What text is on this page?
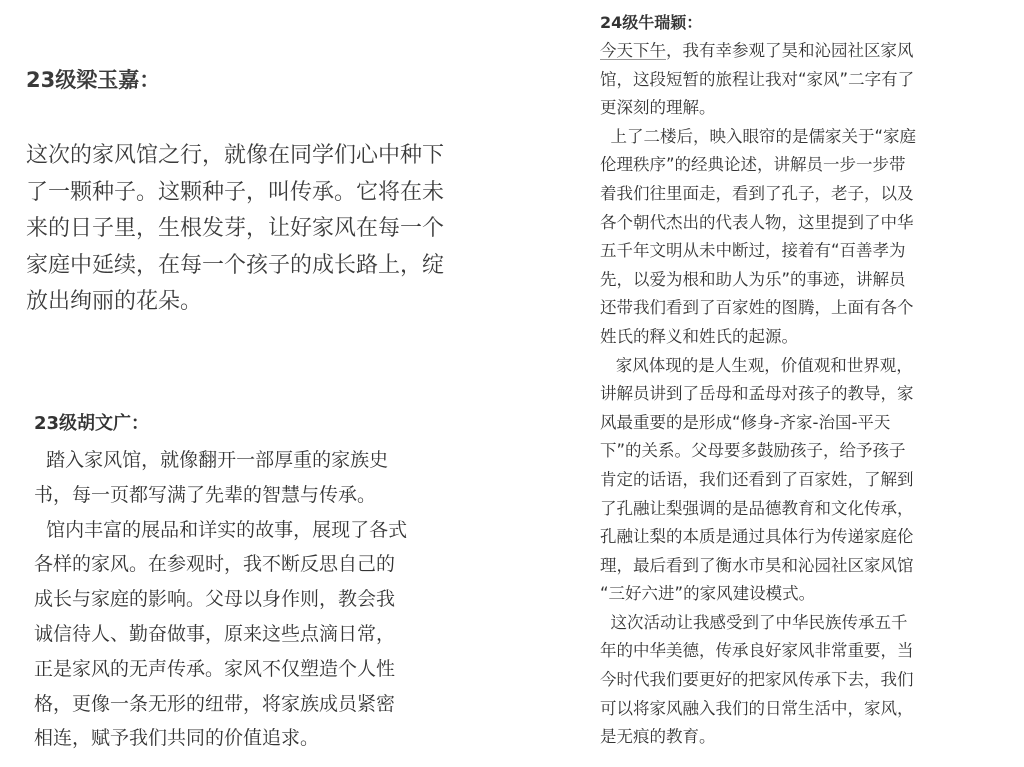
23级梁玉嘉：

这次的家风馆之行，就像在同学们心中种下
了一颗种子。这颗种子，叫传承。它将在未
来的日子里，生根发芽，让好家风在每一个
家庭中延续，在每一个孩子的成长路上，绽
放出绚丽的花朵。

23级胡文广：

踏入家风馆，就像翻开一部厚重的家族史
书，每一页都写满了先辈的智慧与传承。
馆内丰富的展品和详实的故事，展现了各式
各样的家风。在参观时，我不断反思自己的
成长与家庭的影响。父母以身作则，教会我
诚信待人、勤奋做事，原来这些点滴日常，
正是家风的无声传承。家风不仅塑造个人性
格，更像一条无形的纽带，将家族成员紧密
相连，赋予我们共同的价值追求。

24级牛瑞颖：

今天下午，我有幸参观了昊和沁园社区家风
馆，这段短暂的旅程让我对“家风”二字有了
更深刻的理解。
上了二楼后，映入眼帘的是儒家关于“家庭
伦理秩序”的经典论述，讲解员一步一步带
着我们往里面走，看到了孔子，老子，以及
各个朝代杰出的代表人物，这里提到了中华
五千年文明从未中断过，接着有“百善孝为
先，以爱为根和助人为乐”的事迹，讲解员
还带我们看到了百家姓的图腾，上面有各个
姓氏的释义和姓氏的起源。
家风体现的是人生观，价值观和世界观，
讲解员讲到了岳母和孟母对孩子的教导，家
风最重要的是形成“修身-齐家-治国-平天
下”的关系。父母要多鼓励孩子，给予孩子
肯定的话语，我们还看到了百家姓，了解到
了孔融让梨强调的是品德教育和文化传承，
孔融让梨的本质是通过具体行为传递家庭伦
理，最后看到了衡水市昊和沁园社区家风馆
“三好六进”的家风建设模式。
这次活动让我感受到了中华民族传承五千
年的中华美德，传承良好家风非常重要，当
今时代我们要更好的把家风传承下去，我们
可以将家风融入我们的日常生活中，家风，
是无痕的教育。
